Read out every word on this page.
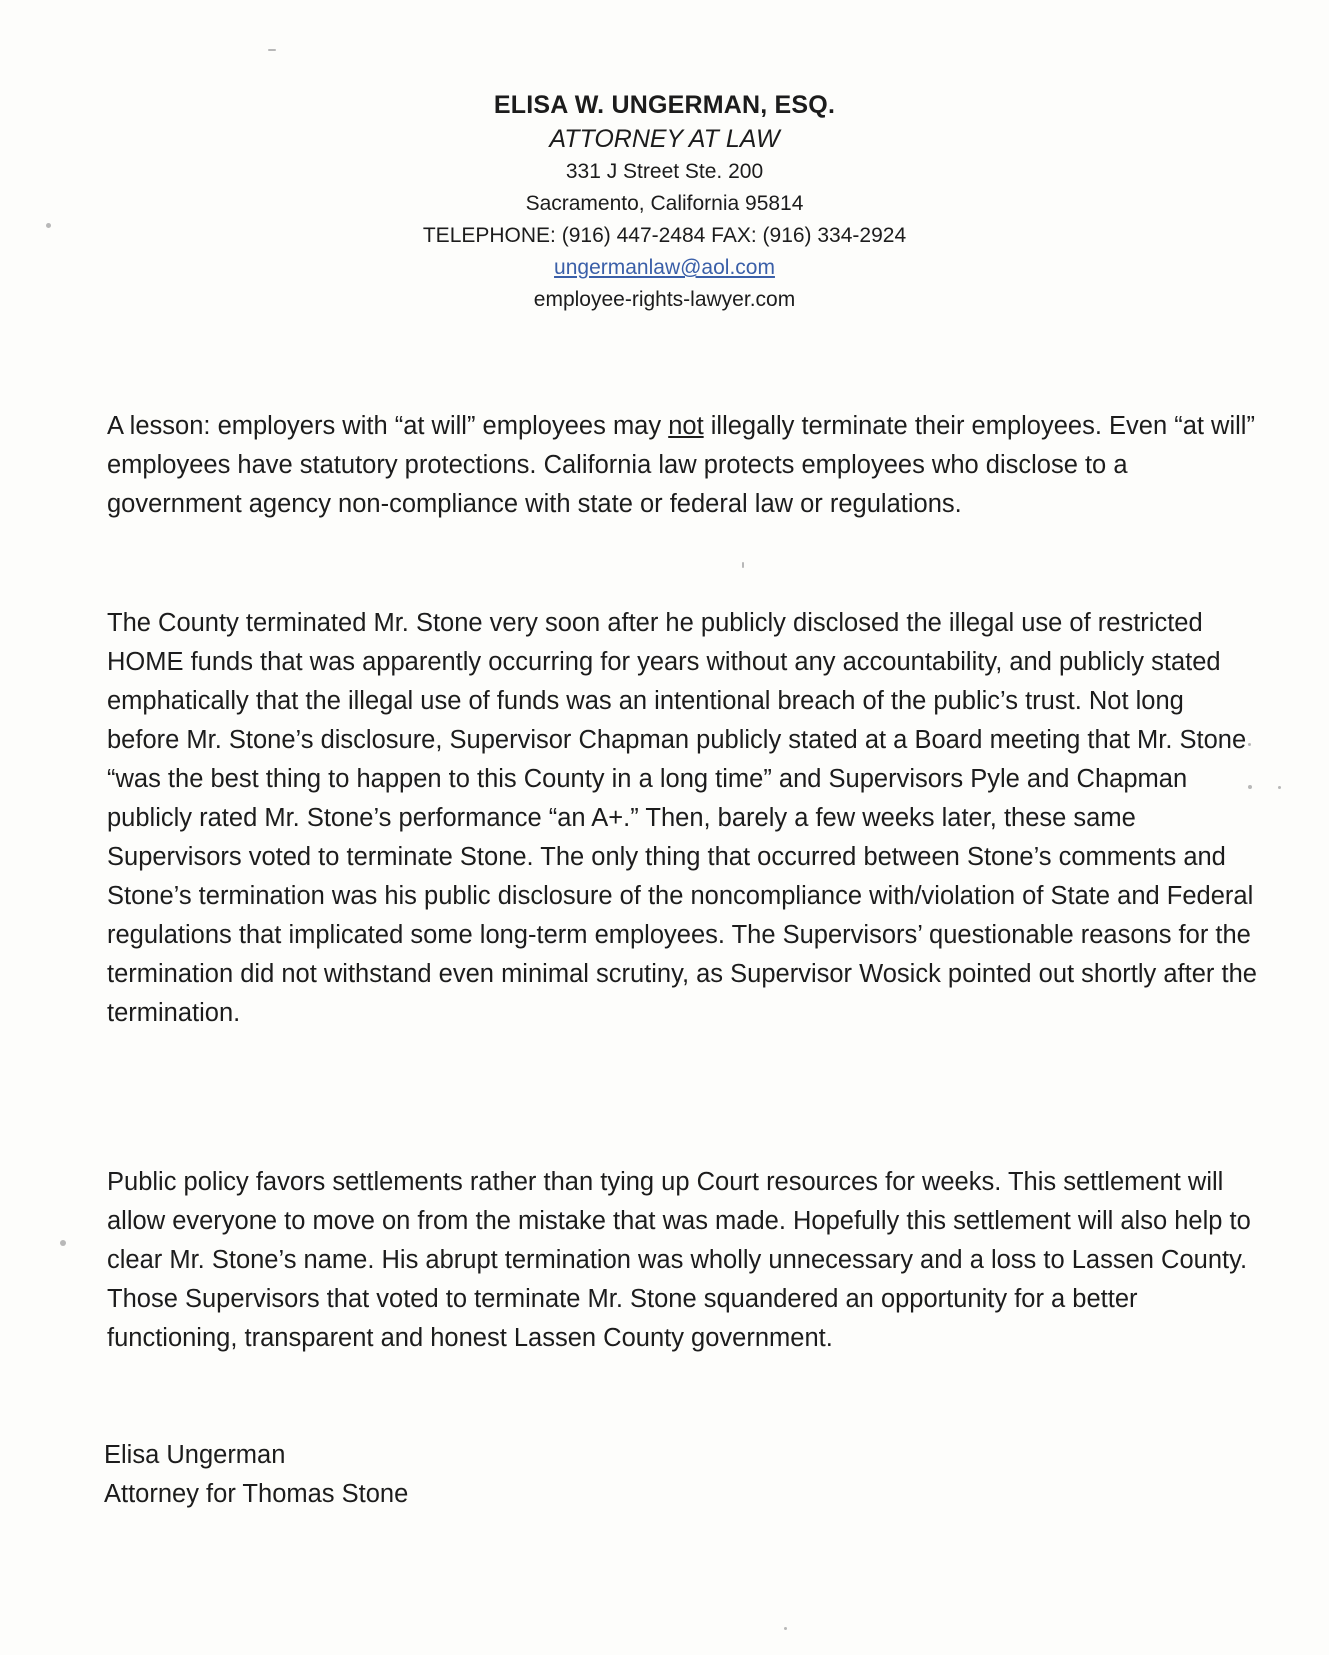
ELISA W. UNGERMAN, ESQ.
ATTORNEY AT LAW
331 J Street Ste. 200
Sacramento, California 95814
TELEPHONE: (916) 447-2484 FAX: (916) 334-2924
ungermanlaw@aol.com
employee-rights-lawyer.com

A lesson: employers with “at will” employees may not illegally terminate their employees. Even “at will” employees have statutory protections. California law protects employees who disclose to a government agency non-compliance with state or federal law or regulations.

The County terminated Mr. Stone very soon after he publicly disclosed the illegal use of restricted HOME funds that was apparently occurring for years without any accountability, and publicly stated emphatically that the illegal use of funds was an intentional breach of the public’s trust. Not long before Mr. Stone’s disclosure, Supervisor Chapman publicly stated at a Board meeting that Mr. Stone “was the best thing to happen to this County in a long time” and Supervisors Pyle and Chapman publicly rated Mr. Stone’s performance “an A+.” Then, barely a few weeks later, these same Supervisors voted to terminate Stone. The only thing that occurred between Stone’s comments and Stone’s termination was his public disclosure of the noncompliance with/violation of State and Federal regulations that implicated some long-term employees. The Supervisors’ questionable reasons for the termination did not withstand even minimal scrutiny, as Supervisor Wosick pointed out shortly after the termination.

Public policy favors settlements rather than tying up Court resources for weeks. This settlement will allow everyone to move on from the mistake that was made. Hopefully this settlement will also help to clear Mr. Stone’s name. His abrupt termination was wholly unnecessary and a loss to Lassen County. Those Supervisors that voted to terminate Mr. Stone squandered an opportunity for a better functioning, transparent and honest Lassen County government.

Elisa Ungerman
Attorney for Thomas Stone
